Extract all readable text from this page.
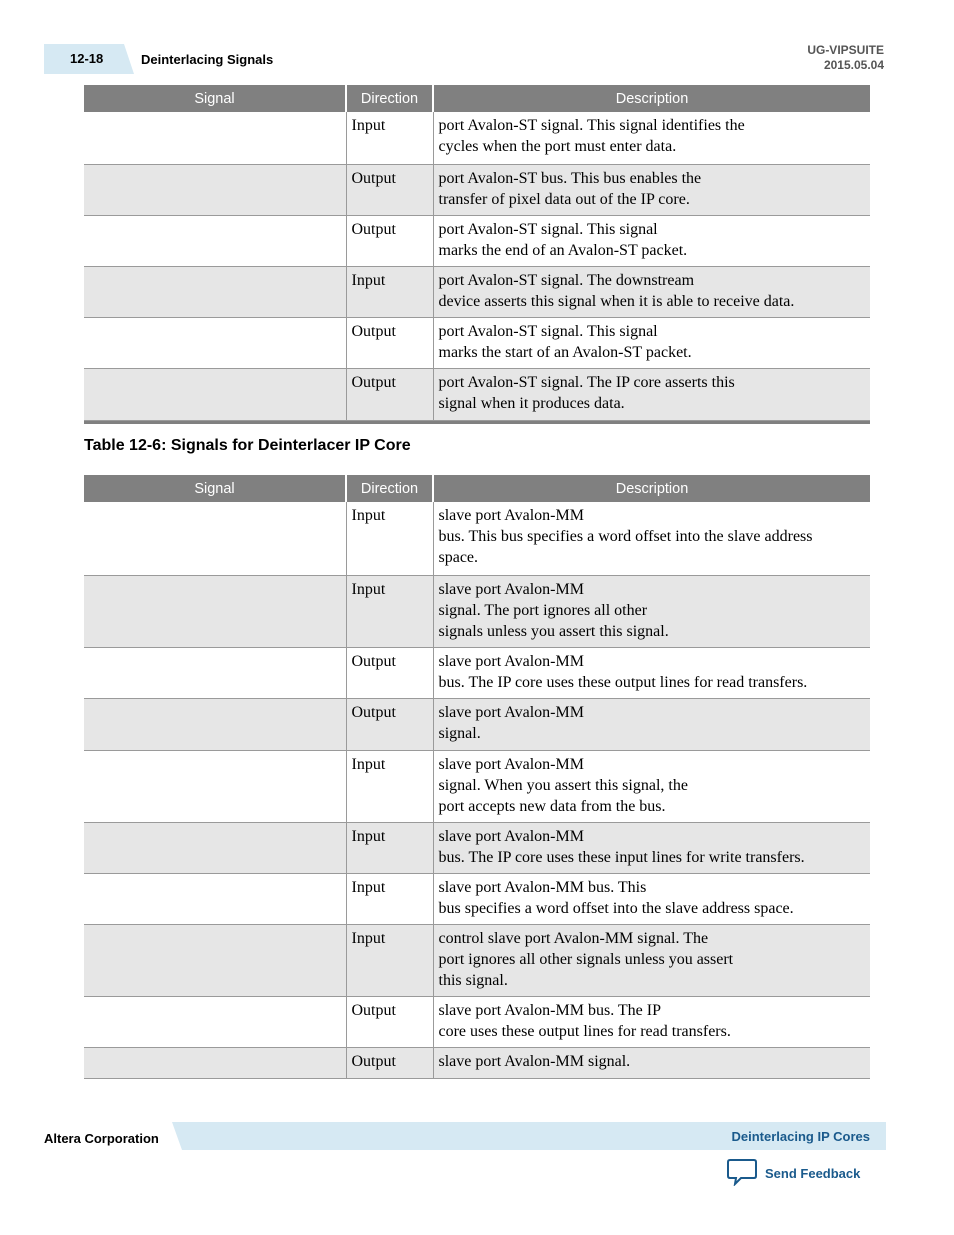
12-18	Deinterlacing Signals
UG-VIPSUITE
2015.05.04
Signal	Direction	Description
	Input	port Avalon-ST signal. This signal identifies the
cycles when the port must enter data.

	Output	port Avalon-ST bus. This bus enables the
transfer of pixel data out of the IP core.

	Output	port Avalon-ST signal. This signal
marks the end of an Avalon-ST packet.

	Input	port Avalon-ST signal. The downstream
device asserts this signal when it is able to receive data.

	Output	port Avalon-ST signal. This signal
marks the start of an Avalon-ST packet.

	Output	port Avalon-ST signal. The IP core asserts this
signal when it produces data.
Table 12-6: Signals for Deinterlacer IP Core
Signal	Direction	Description
	Input	slave port Avalon-MM
bus. This bus specifies a word offset into the slave address
space.

	Input	slave port Avalon-MM
signal. The port ignores all other
signals unless you assert this signal.

	Output	slave port Avalon-MM
bus. The IP core uses these output lines for read transfers.

	Output	slave port Avalon-MM
signal.

	Input	slave port Avalon-MM
signal. When you assert this signal, the
port accepts new data from the bus.

	Input	slave port Avalon-MM
bus. The IP core uses these input lines for write transfers.

	Input	slave port Avalon-MM bus. This
bus specifies a word offset into the slave address space.

	Input	control slave port Avalon-MM signal. The
port ignores all other signals unless you assert
this signal.

	Output	slave port Avalon-MM bus. The IP
core uses these output lines for read transfers.

	Output	slave port Avalon-MM signal.
Altera Corporation	Deinterlacing IP Cores
Send Feedback
